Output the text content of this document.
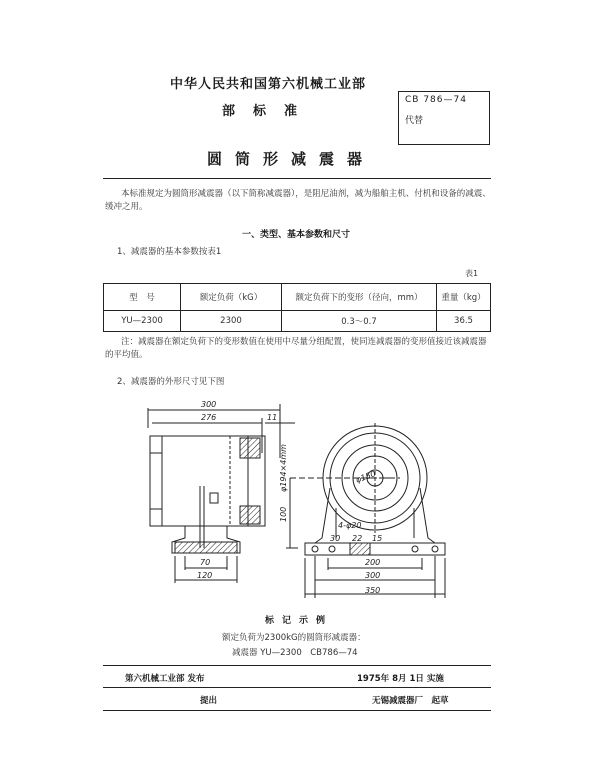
中华人民共和国第六机械工业部
部标准
CB 786—74
代替
圆筒形减震器
本标准规定为圆筒形减震器（以下简称减震器），是阻尼油剂，减为船舶主机、付机和设备的减震、缓冲之用。
一、类型、基本参数和尺寸
1、减震器的基本参数按表1
表1
型　号	额定负荷（kG）	额定负荷下的变形（径向，mm）	重量（kg）
YU—2300	2300	0.3～0.7	36.5
注：减震器在额定负荷下的变形数值在使用中尽量分组配置，使同连减震器的变形值接近该减震器的平均值。
2、减震器的外形尺寸见下图
300
276	11
70
120
100
φ194×4mm	φ150
4-φ20
200
300
350
22
30	15
标记示例
额定负荷为2300kG的圆筒形减震器：
减震器 YU—2300　CB786—74
第六机械工业部 发布	1975年 8月 1日 实施
提出	无锡减震器厂　起草
